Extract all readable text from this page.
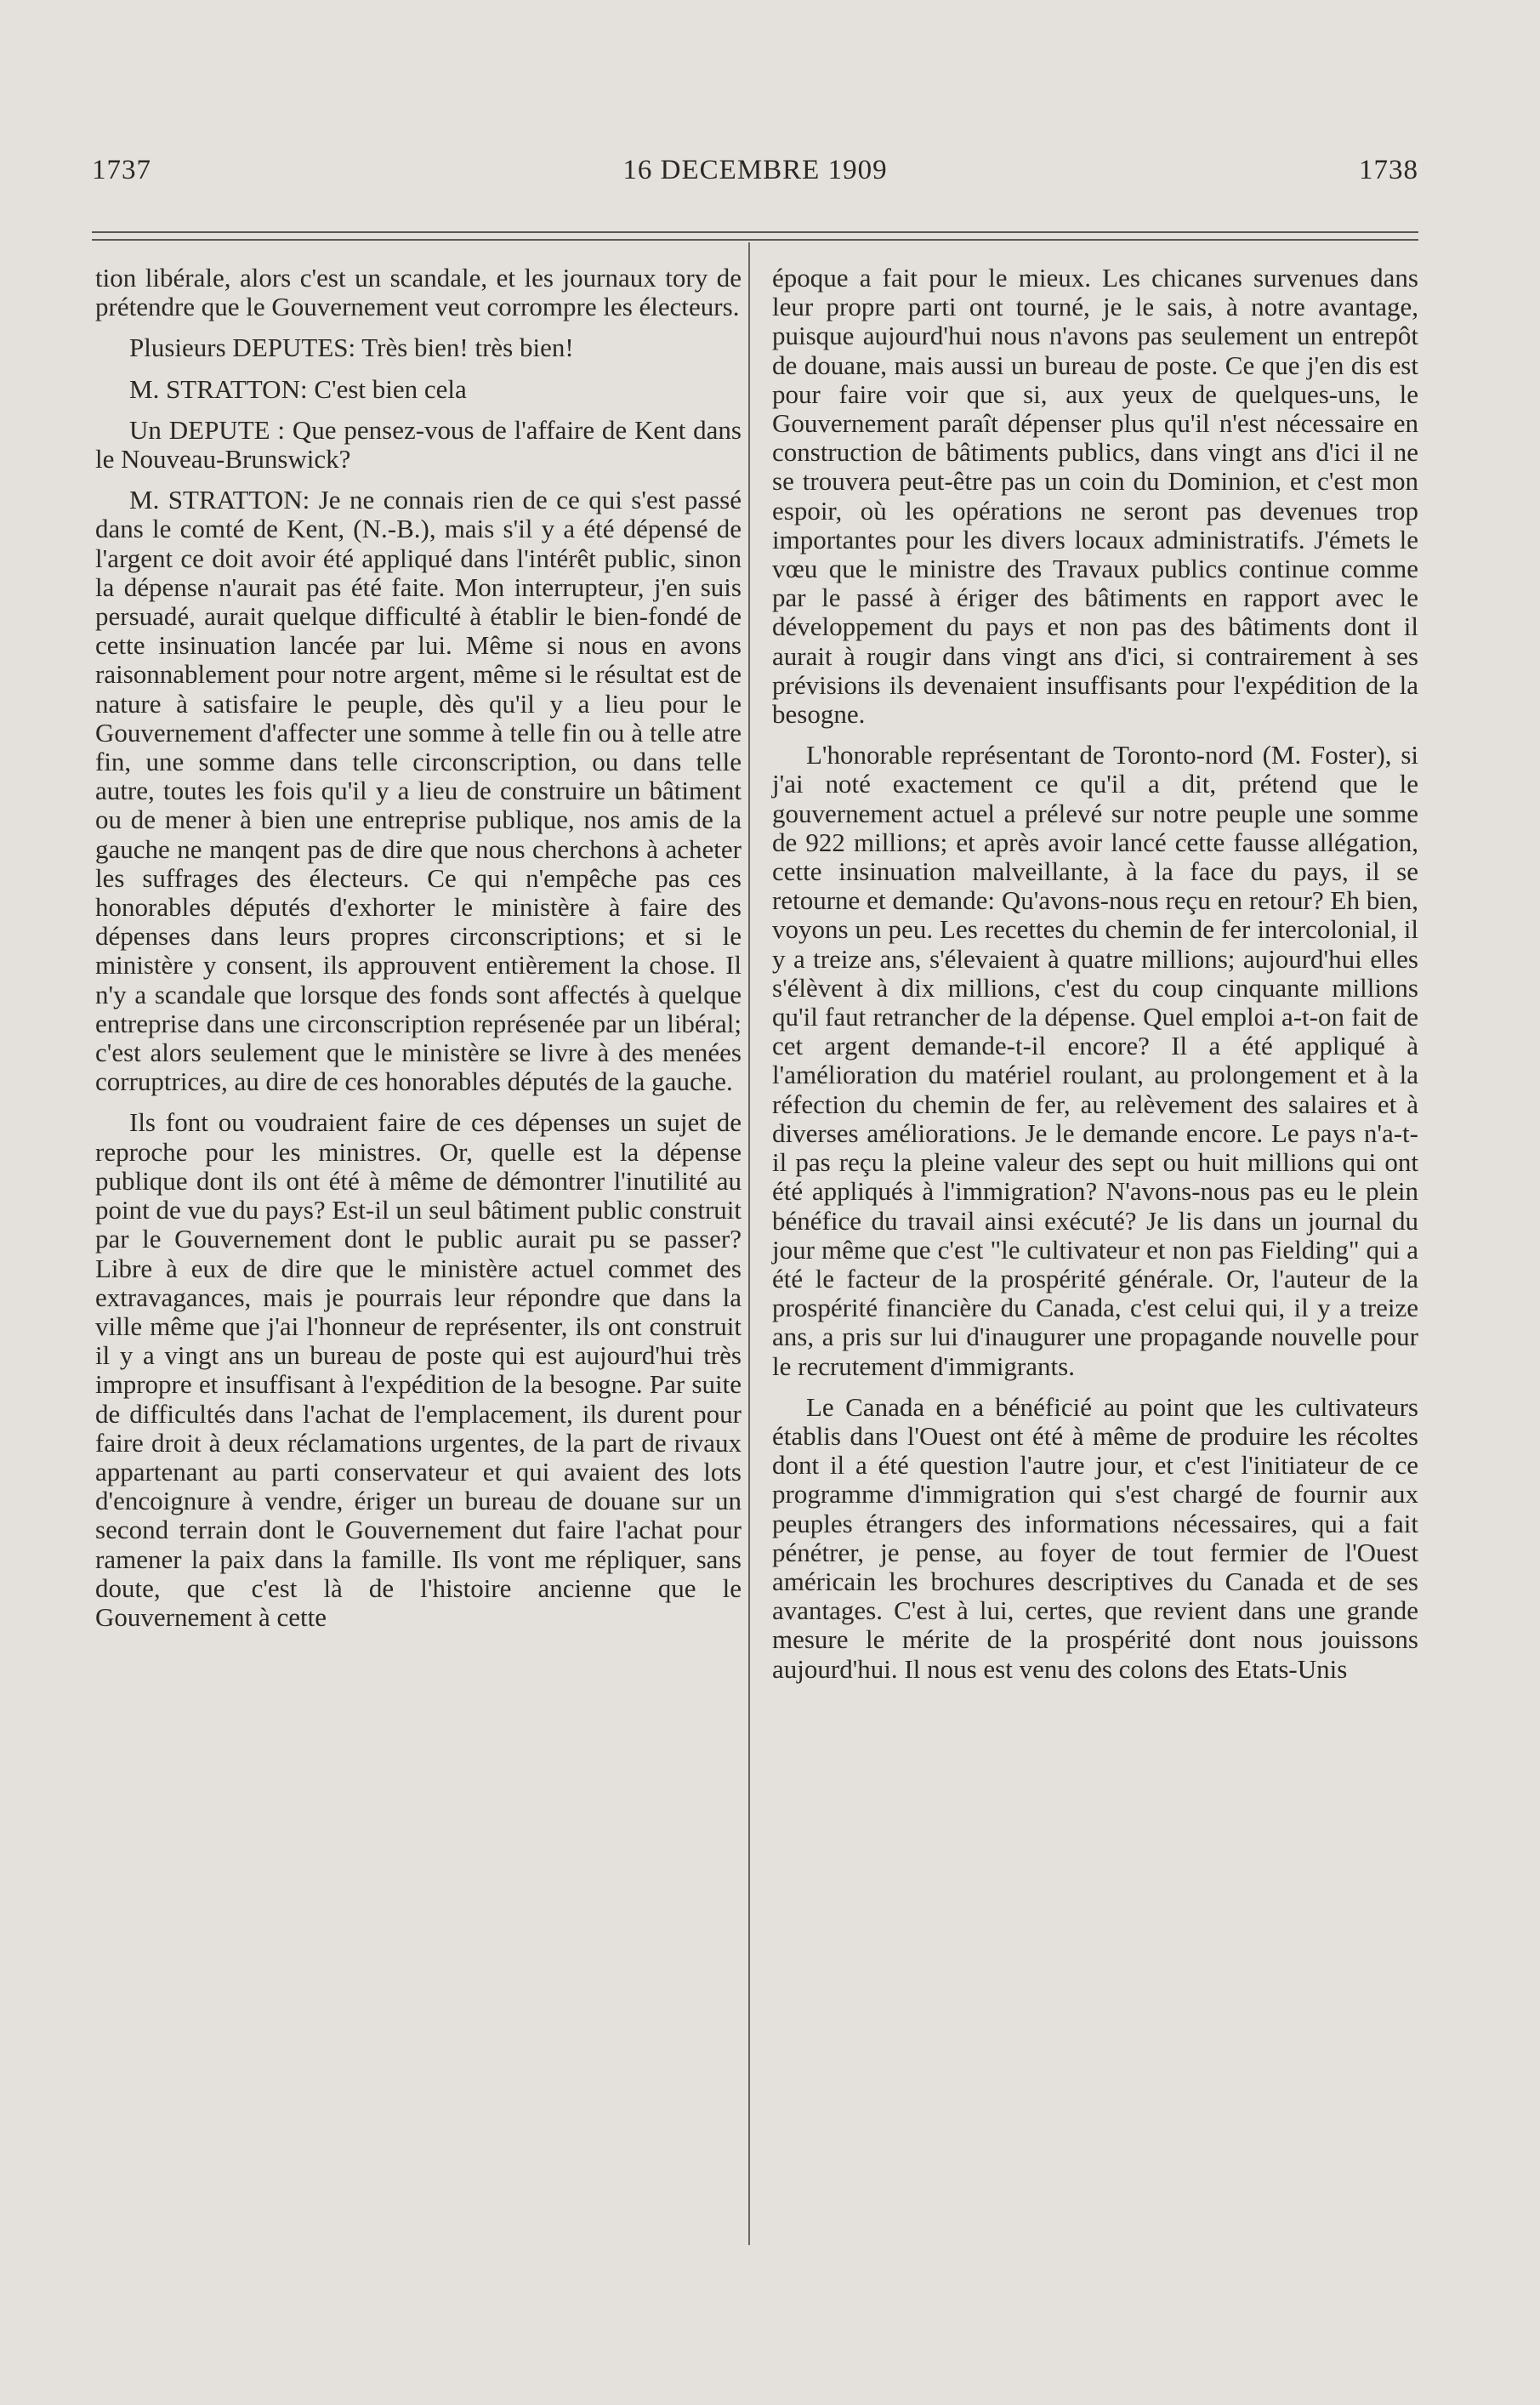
1737	16 DECEMBRE 1909	1738

tion libérale, alors c'est un scandale, et les journaux tory de prétendre que le Gouvernement veut corrompre les électeurs.

Plusieurs DEPUTES: Très bien! très bien!

M. STRATTON: C'est bien cela

Un DEPUTE : Que pensez-vous de l'affaire de Kent dans le Nouveau-Brunswick?

M. STRATTON: Je ne connais rien de ce qui s'est passé dans le comté de Kent, (N.-B.), mais s'il y a été dépensé de l'argent ce doit avoir été appliqué dans l'intérêt public, sinon la dépense n'aurait pas été faite. Mon interrupteur, j'en suis persuadé, aurait quelque difficulté à établir le bien-fondé de cette insinuation lancée par lui. Même si nous en avons raisonnablement pour notre argent, même si le résultat est de nature à satisfaire le peuple, dès qu'il y a lieu pour le Gouvernement d'affecter une somme à telle fin ou à telle atre fin, une somme dans telle circonscription, ou dans telle autre, toutes les fois qu'il y a lieu de construire un bâtiment ou de mener à bien une entreprise publique, nos amis de la gauche ne manqent pas de dire que nous cherchons à acheter les suffrages des électeurs. Ce qui n'empêche pas ces honorables députés d'exhorter le ministère à faire des dépenses dans leurs propres circonscriptions; et si le ministère y consent, ils approuvent entièrement la chose. Il n'y a scandale que lorsque des fonds sont affectés à quelque entreprise dans une circonscription représenée par un libéral; c'est alors seulement que le ministère se livre à des menées corruptrices, au dire de ces honorables députés de la gauche.

Ils font ou voudraient faire de ces dépenses un sujet de reproche pour les ministres. Or, quelle est la dépense publique dont ils ont été à même de démontrer l'inutilité au point de vue du pays? Est-il un seul bâtiment public construit par le Gouvernement dont le public aurait pu se passer? Libre à eux de dire que le ministère actuel commet des extravagances, mais je pourrais leur répondre que dans la ville même que j'ai l'honneur de représenter, ils ont construit il y a vingt ans un bureau de poste qui est aujourd'hui très impropre et insuffisant à l'expédition de la besogne. Par suite de difficultés dans l'achat de l'emplacement, ils durent pour faire droit à deux réclamations urgentes, de la part de rivaux appartenant au parti conservateur et qui avaient des lots d'encoignure à vendre, ériger un bureau de douane sur un second terrain dont le Gouvernement dut faire l'achat pour ramener la paix dans la famille. Ils vont me répliquer, sans doute, que c'est là de l'histoire ancienne que le Gouvernement à cette

époque a fait pour le mieux. Les chicanes survenues dans leur propre parti ont tourné, je le sais, à notre avantage, puisque aujourd'hui nous n'avons pas seulement un entrepôt de douane, mais aussi un bureau de poste. Ce que j'en dis est pour faire voir que si, aux yeux de quelques-uns, le Gouvernement paraît dépenser plus qu'il n'est nécessaire en construction de bâtiments publics, dans vingt ans d'ici il ne se trouvera peut-être pas un coin du Dominion, et c'est mon espoir, où les opérations ne seront pas devenues trop importantes pour les divers locaux administratifs. J'émets le vœu que le ministre des Travaux publics continue comme par le passé à ériger des bâtiments en rapport avec le développement du pays et non pas des bâtiments dont il aurait à rougir dans vingt ans d'ici, si contrairement à ses prévisions ils devenaient insuffisants pour l'expédition de la besogne.

L'honorable représentant de Toronto-nord (M. Foster), si j'ai noté exactement ce qu'il a dit, prétend que le gouvernement actuel a prélevé sur notre peuple une somme de 922 millions; et après avoir lancé cette fausse allégation, cette insinuation malveillante, à la face du pays, il se retourne et demande: Qu'avons-nous reçu en retour? Eh bien, voyons un peu. Les recettes du chemin de fer intercolonial, il y a treize ans, s'élevaient à quatre millions; aujourd'hui elles s'élèvent à dix millions, c'est du coup cinquante millions qu'il faut retrancher de la dépense. Quel emploi a-t-on fait de cet argent demande-t-il encore? Il a été appliqué à l'amélioration du matériel roulant, au prolongement et à la réfection du chemin de fer, au relèvement des salaires et à diverses améliorations. Je le demande encore. Le pays n'a-t-il pas reçu la pleine valeur des sept ou huit millions qui ont été appliqués à l'immigration? N'avons-nous pas eu le plein bénéfice du travail ainsi exécuté? Je lis dans un journal du jour même que c'est "le cultivateur et non pas Fielding" qui a été le facteur de la prospérité générale. Or, l'auteur de la prospérité financière du Canada, c'est celui qui, il y a treize ans, a pris sur lui d'inaugurer une propagande nouvelle pour le recrutement d'immigrants.

Le Canada en a bénéficié au point que les cultivateurs établis dans l'Ouest ont été à même de produire les récoltes dont il a été question l'autre jour, et c'est l'initiateur de ce programme d'immigration qui s'est chargé de fournir aux peuples étrangers des informations nécessaires, qui a fait pénétrer, je pense, au foyer de tout fermier de l'Ouest américain les brochures descriptives du Canada et de ses avantages. C'est à lui, certes, que revient dans une grande mesure le mérite de la prospérité dont nous jouissons aujourd'hui. Il nous est venu des colons des Etats-Unis
